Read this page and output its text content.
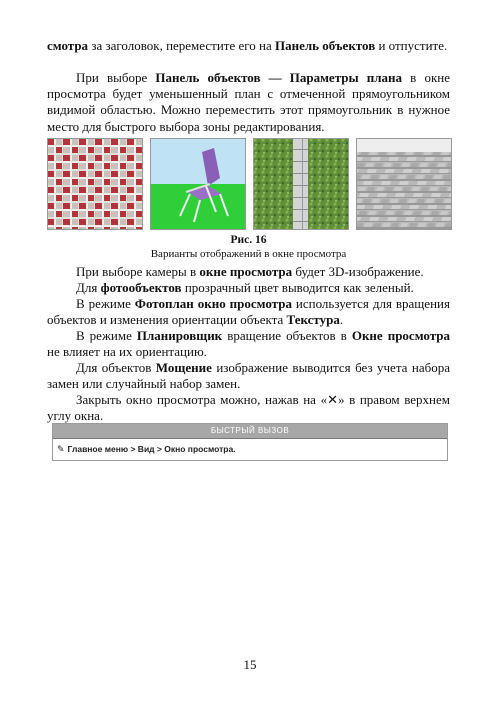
смотра за заголовок, переместите его на Панель объектов и отпустите.
При выборе Панель объектов — Параметры плана в окне просмотра будет уменьшенный план с отмеченной прямоугольником видимой областью. Можно переместить этот прямоугольник в нужное место для быстрого выбора зоны редактирования.
Рис. 16
Варианты отображений в окне просмотра
При выборе камеры в окне просмотра будет 3D-изображение.
Для фотообъектов прозрачный цвет выводится как зеленый.
В режиме Фотоплан окно просмотра используется для вращения объектов и изменения ориентации объекта Текстура.
В режиме Планировщик вращение объектов в Окне просмотра не влияет на их ориентацию.
Для объектов Мощение изображение выводится без учета набора замен или случайный набор замен.
Закрыть окно просмотра можно, нажав на «✕» в правом верхнем углу окна.
БЫСТРЫЙ ВЫЗОВ
✎ Главное меню > Вид > Окно просмотра.
15
